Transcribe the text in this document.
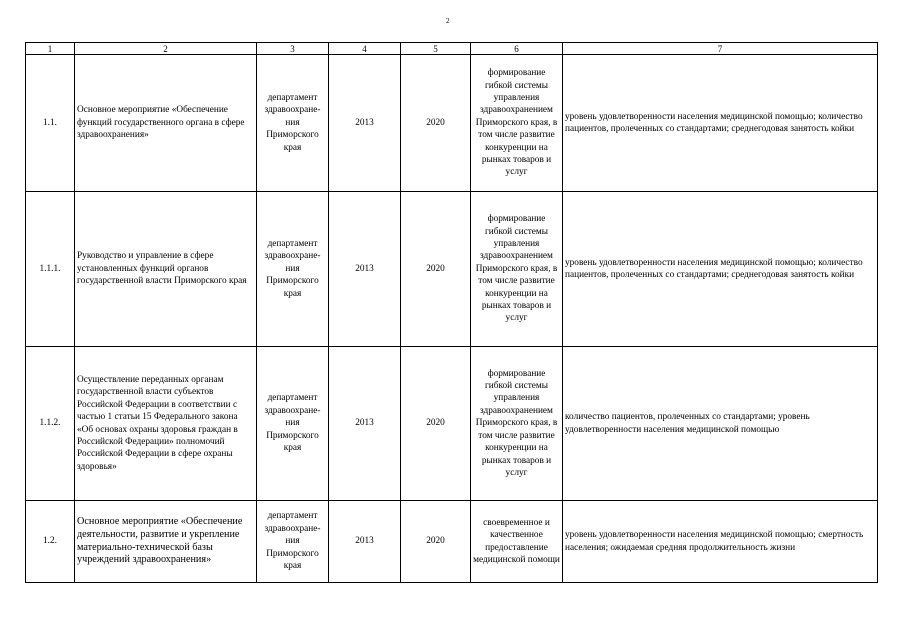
2
1	2	3	4	5	6	7
1.1.	Основное мероприятие «Обеспечение функций государственного органа в сфере здравоохранения»	департамент здравоохране-ния Приморского края	2013	2020	формирование гибкой системы управления здравоохранением Приморского края, в том числе развитие конкуренции на рынках товаров и услуг	уровень удовлетворенности населения медицинской помощью; количество пациентов, пролеченных со стандартами; среднегодовая занятость койки
1.1.1.	Руководство и управление в сфере установленных функций органов государственной власти Приморского края	департамент здравоохране-ния Приморского края	2013	2020	формирование гибкой системы управления здравоохранением Приморского края, в том числе развитие конкуренции на рынках товаров и услуг	уровень удовлетворенности населения медицинской помощью; количество пациентов, пролеченных со стандартами; среднегодовая занятость койки
1.1.2.	Осуществление переданных органам государственной власти субъектов Российской Федерации в соответствии с частью 1 статьи 15 Федерального закона «Об основах охраны здоровья граждан в Российской Федерации» полномочий Российской Федерации в сфере охраны здоровья»	департамент здравоохране-ния Приморского края	2013	2020	формирование гибкой системы управления здравоохранением Приморского края, в том числе развитие конкуренции на рынках товаров и услуг	количество пациентов, пролеченных со стандартами; уровень удовлетворенности населения медицинской помощью
1.2.	Основное мероприятие «Обеспечение деятельности, развитие и укрепление материально-технической базы учреждений здравоохранения»	департамент здравоохране-ния Приморского края	2013	2020	своевременное и качественное предоставление медицинской помощи	уровень удовлетворенности населения медицинской помощью; смертность населения; ожидаемая средняя продолжительность жизни
